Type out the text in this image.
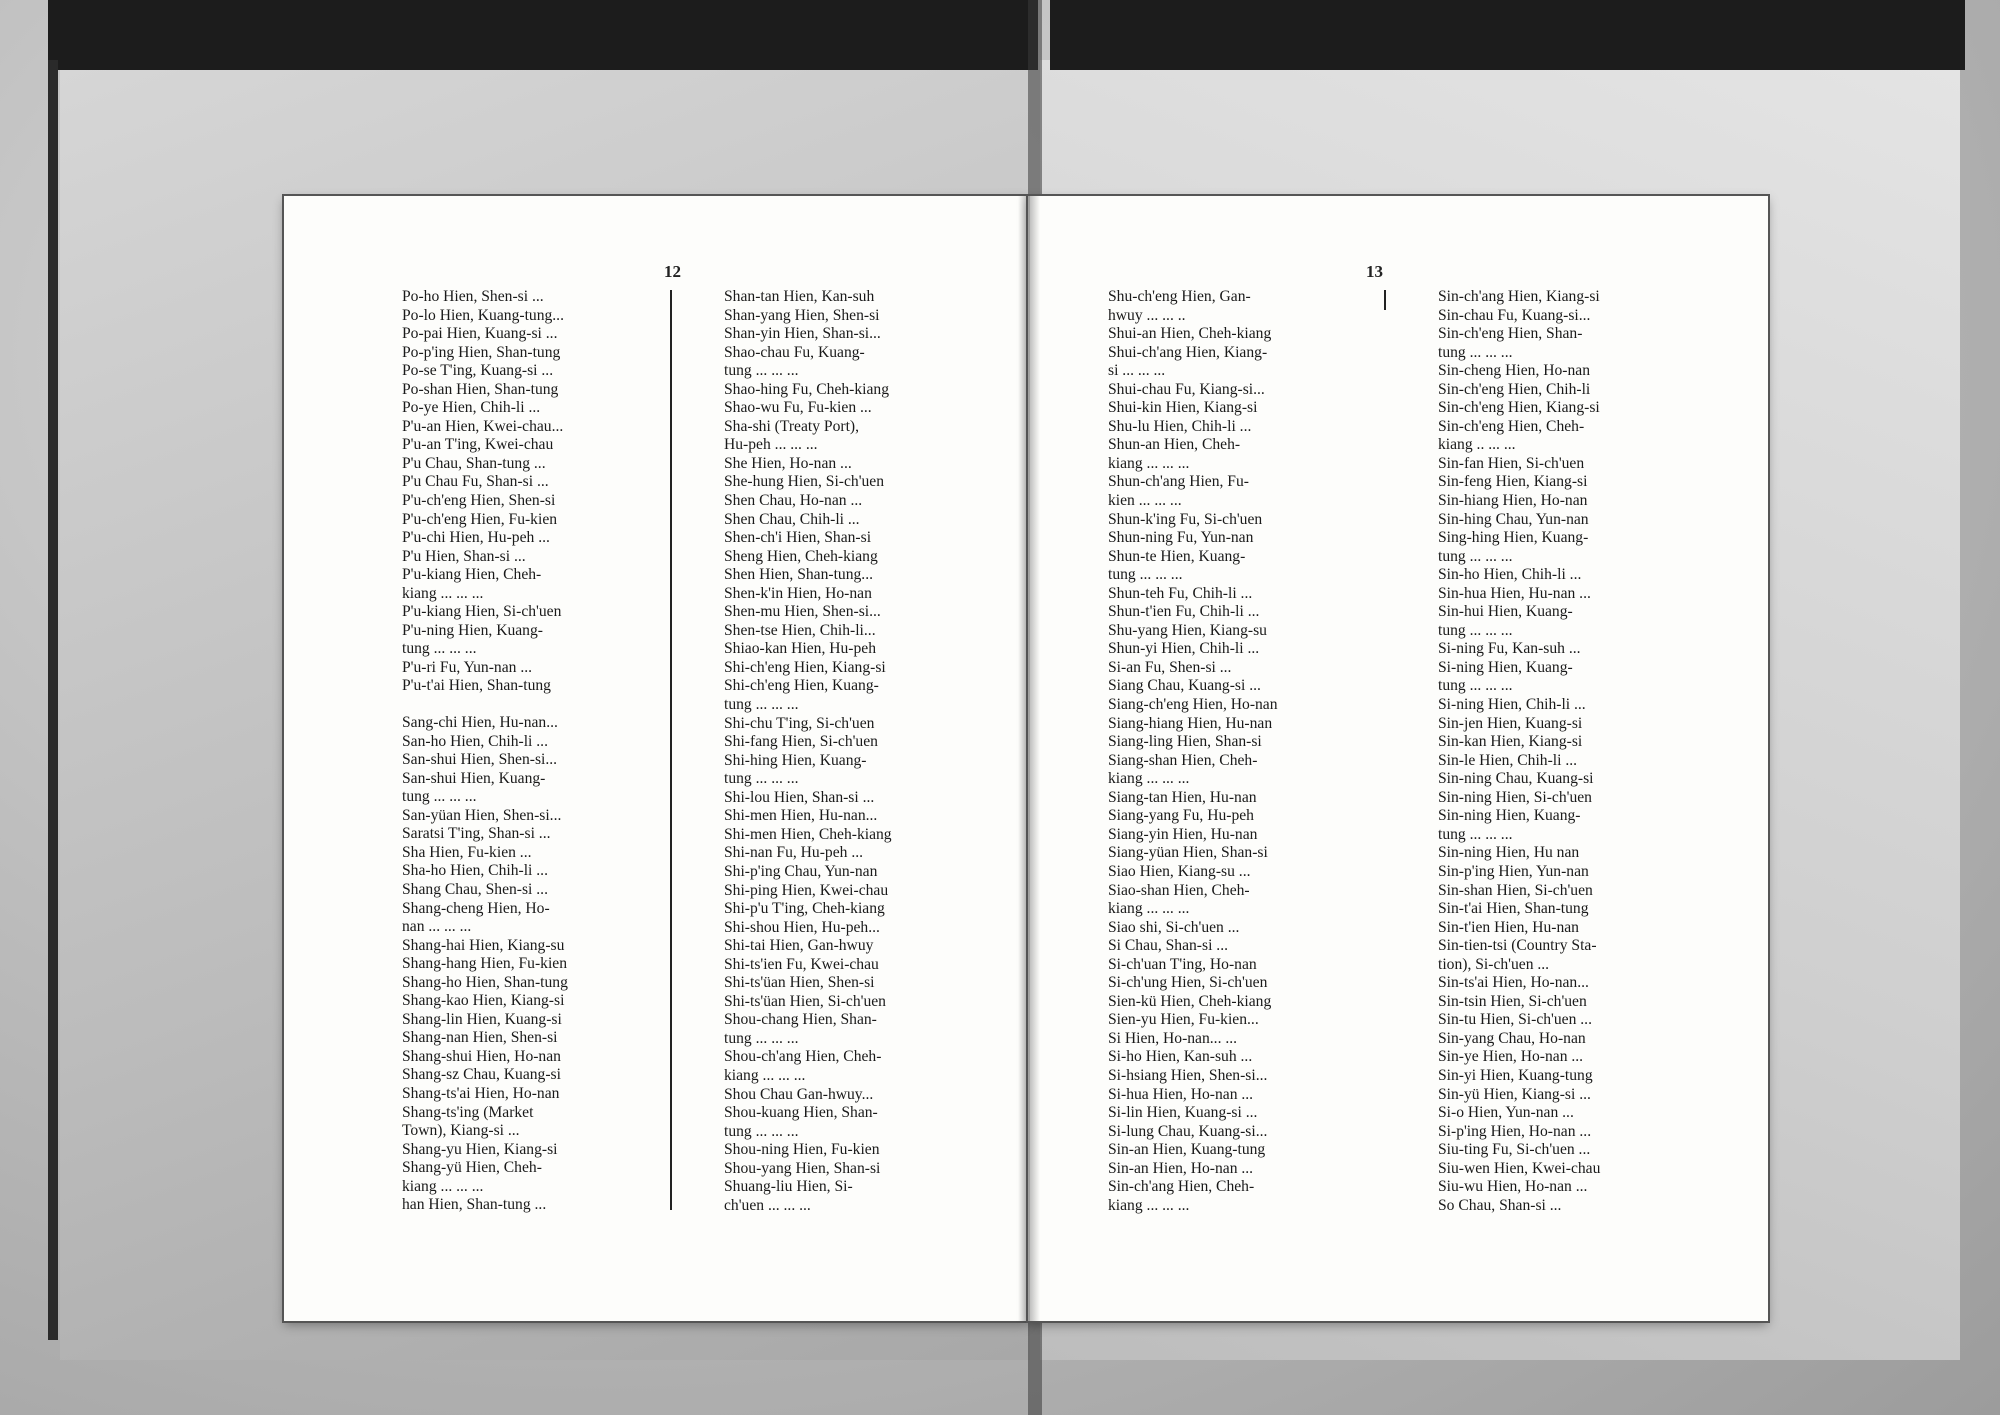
12	13
Po-ho Hien, Shen-si ...
Po-lo Hien, Kuang-tung...
Po-pai Hien, Kuang-si ...
Po-p'ing Hien, Shan-tung
Po-se T'ing, Kuang-si ...
Po-shan Hien, Shan-tung
Po-ye Hien, Chih-li ...
P'u-an Hien, Kwei-chau...
P'u-an T'ing, Kwei-chau
P'u Chau, Shan-tung ...
P'u Chau Fu, Shan-si ...
P'u-ch'eng Hien, Shen-si
P'u-ch'eng Hien, Fu-kien
P'u-chi Hien, Hu-peh ...
P'u Hien, Shan-si ...
P'u-kiang Hien, Cheh-
kiang ... ... ...
P'u-kiang Hien, Si-ch'uen
P'u-ning Hien, Kuang-
tung ... ... ...
P'u-ri Fu, Yun-nan ...
P'u-t'ai Hien, Shan-tung
Sang-chi Hien, Hu-nan...
San-ho Hien, Chih-li ...
San-shui Hien, Shen-si...
San-shui Hien, Kuang-
tung ... ... ...
San-yüan Hien, Shen-si...
Saratsi T'ing, Shan-si ...
Sha Hien, Fu-kien ...
Sha-ho Hien, Chih-li ...
Shang Chau, Shen-si ...
Shang-cheng Hien, Ho-
nan ... ... ...
Shang-hai Hien, Kiang-su
Shang-hang Hien, Fu-kien
Shang-ho Hien, Shan-tung
Shang-kao Hien, Kiang-si
Shang-lin Hien, Kuang-si
Shang-nan Hien, Shen-si
Shang-shui Hien, Ho-nan
Shang-sz Chau, Kuang-si
Shang-ts'ai Hien, Ho-nan
Shang-ts'ing (Market
Town), Kiang-si ...
Shang-yu Hien, Kiang-si
Shang-yü Hien, Cheh-
kiang ... ... ...
han Hien, Shan-tung ...
Shan-tan Hien, Kan-suh
Shan-yang Hien, Shen-si
Shan-yin Hien, Shan-si...
Shao-chau Fu, Kuang-
tung ... ... ...
Shao-hing Fu, Cheh-kiang
Shao-wu Fu, Fu-kien ...
Sha-shi (Treaty Port),
Hu-peh ... ... ...
She Hien, Ho-nan ...
She-hung Hien, Si-ch'uen
Shen Chau, Ho-nan ...
Shen Chau, Chih-li ...
Shen-ch'i Hien, Shan-si
Sheng Hien, Cheh-kiang
Shen Hien, Shan-tung...
Shen-k'in Hien, Ho-nan
Shen-mu Hien, Shen-si...
Shen-tse Hien, Chih-li...
Shiao-kan Hien, Hu-peh
Shi-ch'eng Hien, Kiang-si
Shi-ch'eng Hien, Kuang-
tung ... ... ...
Shi-chu T'ing, Si-ch'uen
Shi-fang Hien, Si-ch'uen
Shi-hing Hien, Kuang-
tung ... ... ...
Shi-lou Hien, Shan-si ...
Shi-men Hien, Hu-nan...
Shi-men Hien, Cheh-kiang
Shi-nan Fu, Hu-peh ...
Shi-p'ing Chau, Yun-nan
Shi-ping Hien, Kwei-chau
Shi-p'u T'ing, Cheh-kiang
Shi-shou Hien, Hu-peh...
Shi-tai Hien, Gan-hwuy
Shi-ts'ien Fu, Kwei-chau
Shi-ts'üan Hien, Shen-si
Shi-ts'üan Hien, Si-ch'uen
Shou-chang Hien, Shan-
tung ... ... ...
Shou-ch'ang Hien, Cheh-
kiang ... ... ...
Shou Chau Gan-hwuy...
Shou-kuang Hien, Shan-
tung ... ... ...
Shou-ning Hien, Fu-kien
Shou-yang Hien, Shan-si
Shuang-liu Hien, Si-
ch'uen ... ... ...
Shu-ch'eng Hien, Gan-
hwuy ... ... ..
Shui-an Hien, Cheh-kiang
Shui-ch'ang Hien, Kiang-
si ... ... ...
Shui-chau Fu, Kiang-si...
Shui-kin Hien, Kiang-si
Shu-lu Hien, Chih-li ...
Shun-an Hien, Cheh-
kiang ... ... ...
Shun-ch'ang Hien, Fu-
kien ... ... ...
Shun-k'ing Fu, Si-ch'uen
Shun-ning Fu, Yun-nan
Shun-te Hien, Kuang-
tung ... ... ...
Shun-teh Fu, Chih-li ...
Shun-t'ien Fu, Chih-li ...
Shu-yang Hien, Kiang-su
Shun-yi Hien, Chih-li ...
Si-an Fu, Shen-si ...
Siang Chau, Kuang-si ...
Siang-ch'eng Hien, Ho-nan
Siang-hiang Hien, Hu-nan
Siang-ling Hien, Shan-si
Siang-shan Hien, Cheh-
kiang ... ... ...
Siang-tan Hien, Hu-nan
Siang-yang Fu, Hu-peh
Siang-yin Hien, Hu-nan
Siang-yüan Hien, Shan-si
Siao Hien, Kiang-su ...
Siao-shan Hien, Cheh-
kiang ... ... ...
Siao shi, Si-ch'uen ...
Si Chau, Shan-si ...
Si-ch'uan T'ing, Ho-nan
Si-ch'ung Hien, Si-ch'uen
Sien-kü Hien, Cheh-kiang
Sien-yu Hien, Fu-kien...
Si Hien, Ho-nan... ...
Si-ho Hien, Kan-suh ...
Si-hsiang Hien, Shen-si...
Si-hua Hien, Ho-nan ...
Si-lin Hien, Kuang-si ...
Si-lung Chau, Kuang-si...
Sin-an Hien, Kuang-tung
Sin-an Hien, Ho-nan ...
Sin-ch'ang Hien, Cheh-
kiang ... ... ...
Sin-ch'ang Hien, Kiang-si
Sin-chau Fu, Kuang-si...
Sin-ch'eng Hien, Shan-
tung ... ... ...
Sin-cheng Hien, Ho-nan
Sin-ch'eng Hien, Chih-li
Sin-ch'eng Hien, Kiang-si
Sin-ch'eng Hien, Cheh-
kiang .. ... ...
Sin-fan Hien, Si-ch'uen
Sin-feng Hien, Kiang-si
Sin-hiang Hien, Ho-nan
Sin-hing Chau, Yun-nan
Sing-hing Hien, Kuang-
tung ... ... ...
Sin-ho Hien, Chih-li ...
Sin-hua Hien, Hu-nan ...
Sin-hui Hien, Kuang-
tung ... ... ...
Si-ning Fu, Kan-suh ...
Si-ning Hien, Kuang-
tung ... ... ...
Si-ning Hien, Chih-li ...
Sin-jen Hien, Kuang-si
Sin-kan Hien, Kiang-si
Sin-le Hien, Chih-li ...
Sin-ning Chau, Kuang-si
Sin-ning Hien, Si-ch'uen
Sin-ning Hien, Kuang-
tung ... ... ...
Sin-ning Hien, Hu nan
Sin-p'ing Hien, Yun-nan
Sin-shan Hien, Si-ch'uen
Sin-t'ai Hien, Shan-tung
Sin-t'ien Hien, Hu-nan
Sin-tien-tsi (Country Sta-
tion), Si-ch'uen ...
Sin-ts'ai Hien, Ho-nan...
Sin-tsin Hien, Si-ch'uen
Sin-tu Hien, Si-ch'uen ...
Sin-yang Chau, Ho-nan
Sin-ye Hien, Ho-nan ...
Sin-yi Hien, Kuang-tung
Sin-yü Hien, Kiang-si ...
Si-o Hien, Yun-nan ...
Si-p'ing Hien, Ho-nan ...
Siu-ting Fu, Si-ch'uen ...
Siu-wen Hien, Kwei-chau
Siu-wu Hien, Ho-nan ...
So Chau, Shan-si ...
